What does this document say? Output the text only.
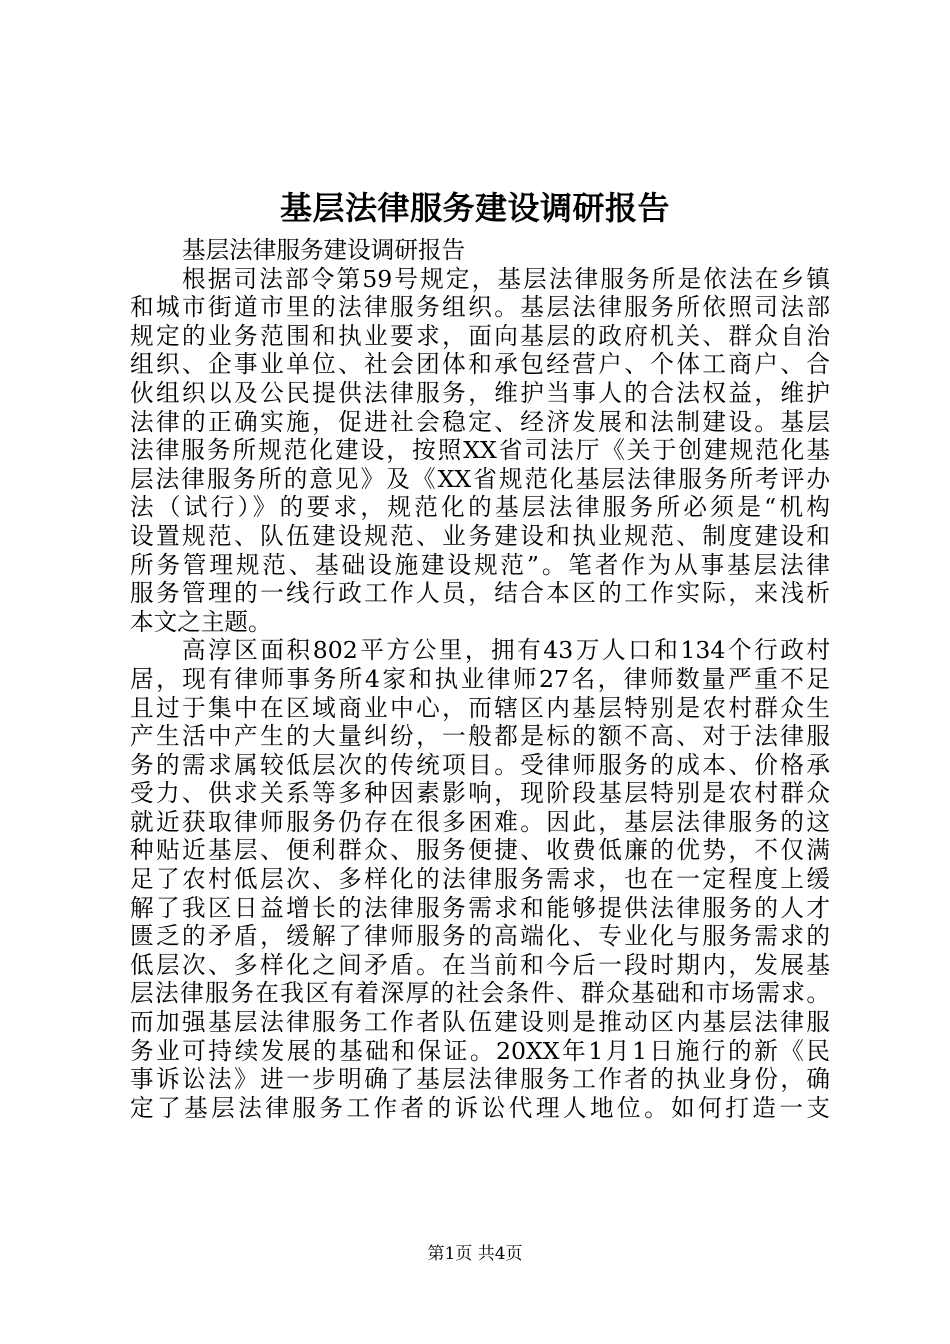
基层法律服务建设调研报告
基层法律服务建设调研报告
根据司法部令第59号规定，基层法律服务所是依法在乡镇
和城市街道市里的法律服务组织。基层法律服务所依照司法部
规定的业务范围和执业要求，面向基层的政府机关、群众自治
组织、企事业单位、社会团体和承包经营户、个体工商户、合
伙组织以及公民提供法律服务，维护当事人的合法权益，维护
法律的正确实施，促进社会稳定、经济发展和法制建设。基层
法律服务所规范化建设，按照XX省司法厅《关于创建规范化基
层法律服务所的意见》及《XX省规范化基层法律服务所考评办
法（试行）》的要求，规范化的基层法律服务所必须是“机构
设置规范、队伍建设规范、业务建设和执业规范、制度建设和
所务管理规范、基础设施建设规范”。笔者作为从事基层法律
服务管理的一线行政工作人员，结合本区的工作实际，来浅析
本文之主题。
高淳区面积802平方公里，拥有43万人口和134个行政村
居，现有律师事务所4家和执业律师27名，律师数量严重不足
且过于集中在区域商业中心，而辖区内基层特别是农村群众生
产生活中产生的大量纠纷，一般都是标的额不高、对于法律服
务的需求属较低层次的传统项目。受律师服务的成本、价格承
受力、供求关系等多种因素影响，现阶段基层特别是农村群众
就近获取律师服务仍存在很多困难。因此，基层法律服务的这
种贴近基层、便利群众、服务便捷、收费低廉的优势，不仅满
足了农村低层次、多样化的法律服务需求，也在一定程度上缓
解了我区日益增长的法律服务需求和能够提供法律服务的人才
匮乏的矛盾，缓解了律师服务的高端化、专业化与服务需求的
低层次、多样化之间矛盾。在当前和今后一段时期内，发展基
层法律服务在我区有着深厚的社会条件、群众基础和市场需求。
而加强基层法律服务工作者队伍建设则是推动区内基层法律服
务业可持续发展的基础和保证。20XX年1月1日施行的新《民
事诉讼法》进一步明确了基层法律服务工作者的执业身份，确
定了基层法律服务工作者的诉讼代理人地位。如何打造一支
第1页 共4页
